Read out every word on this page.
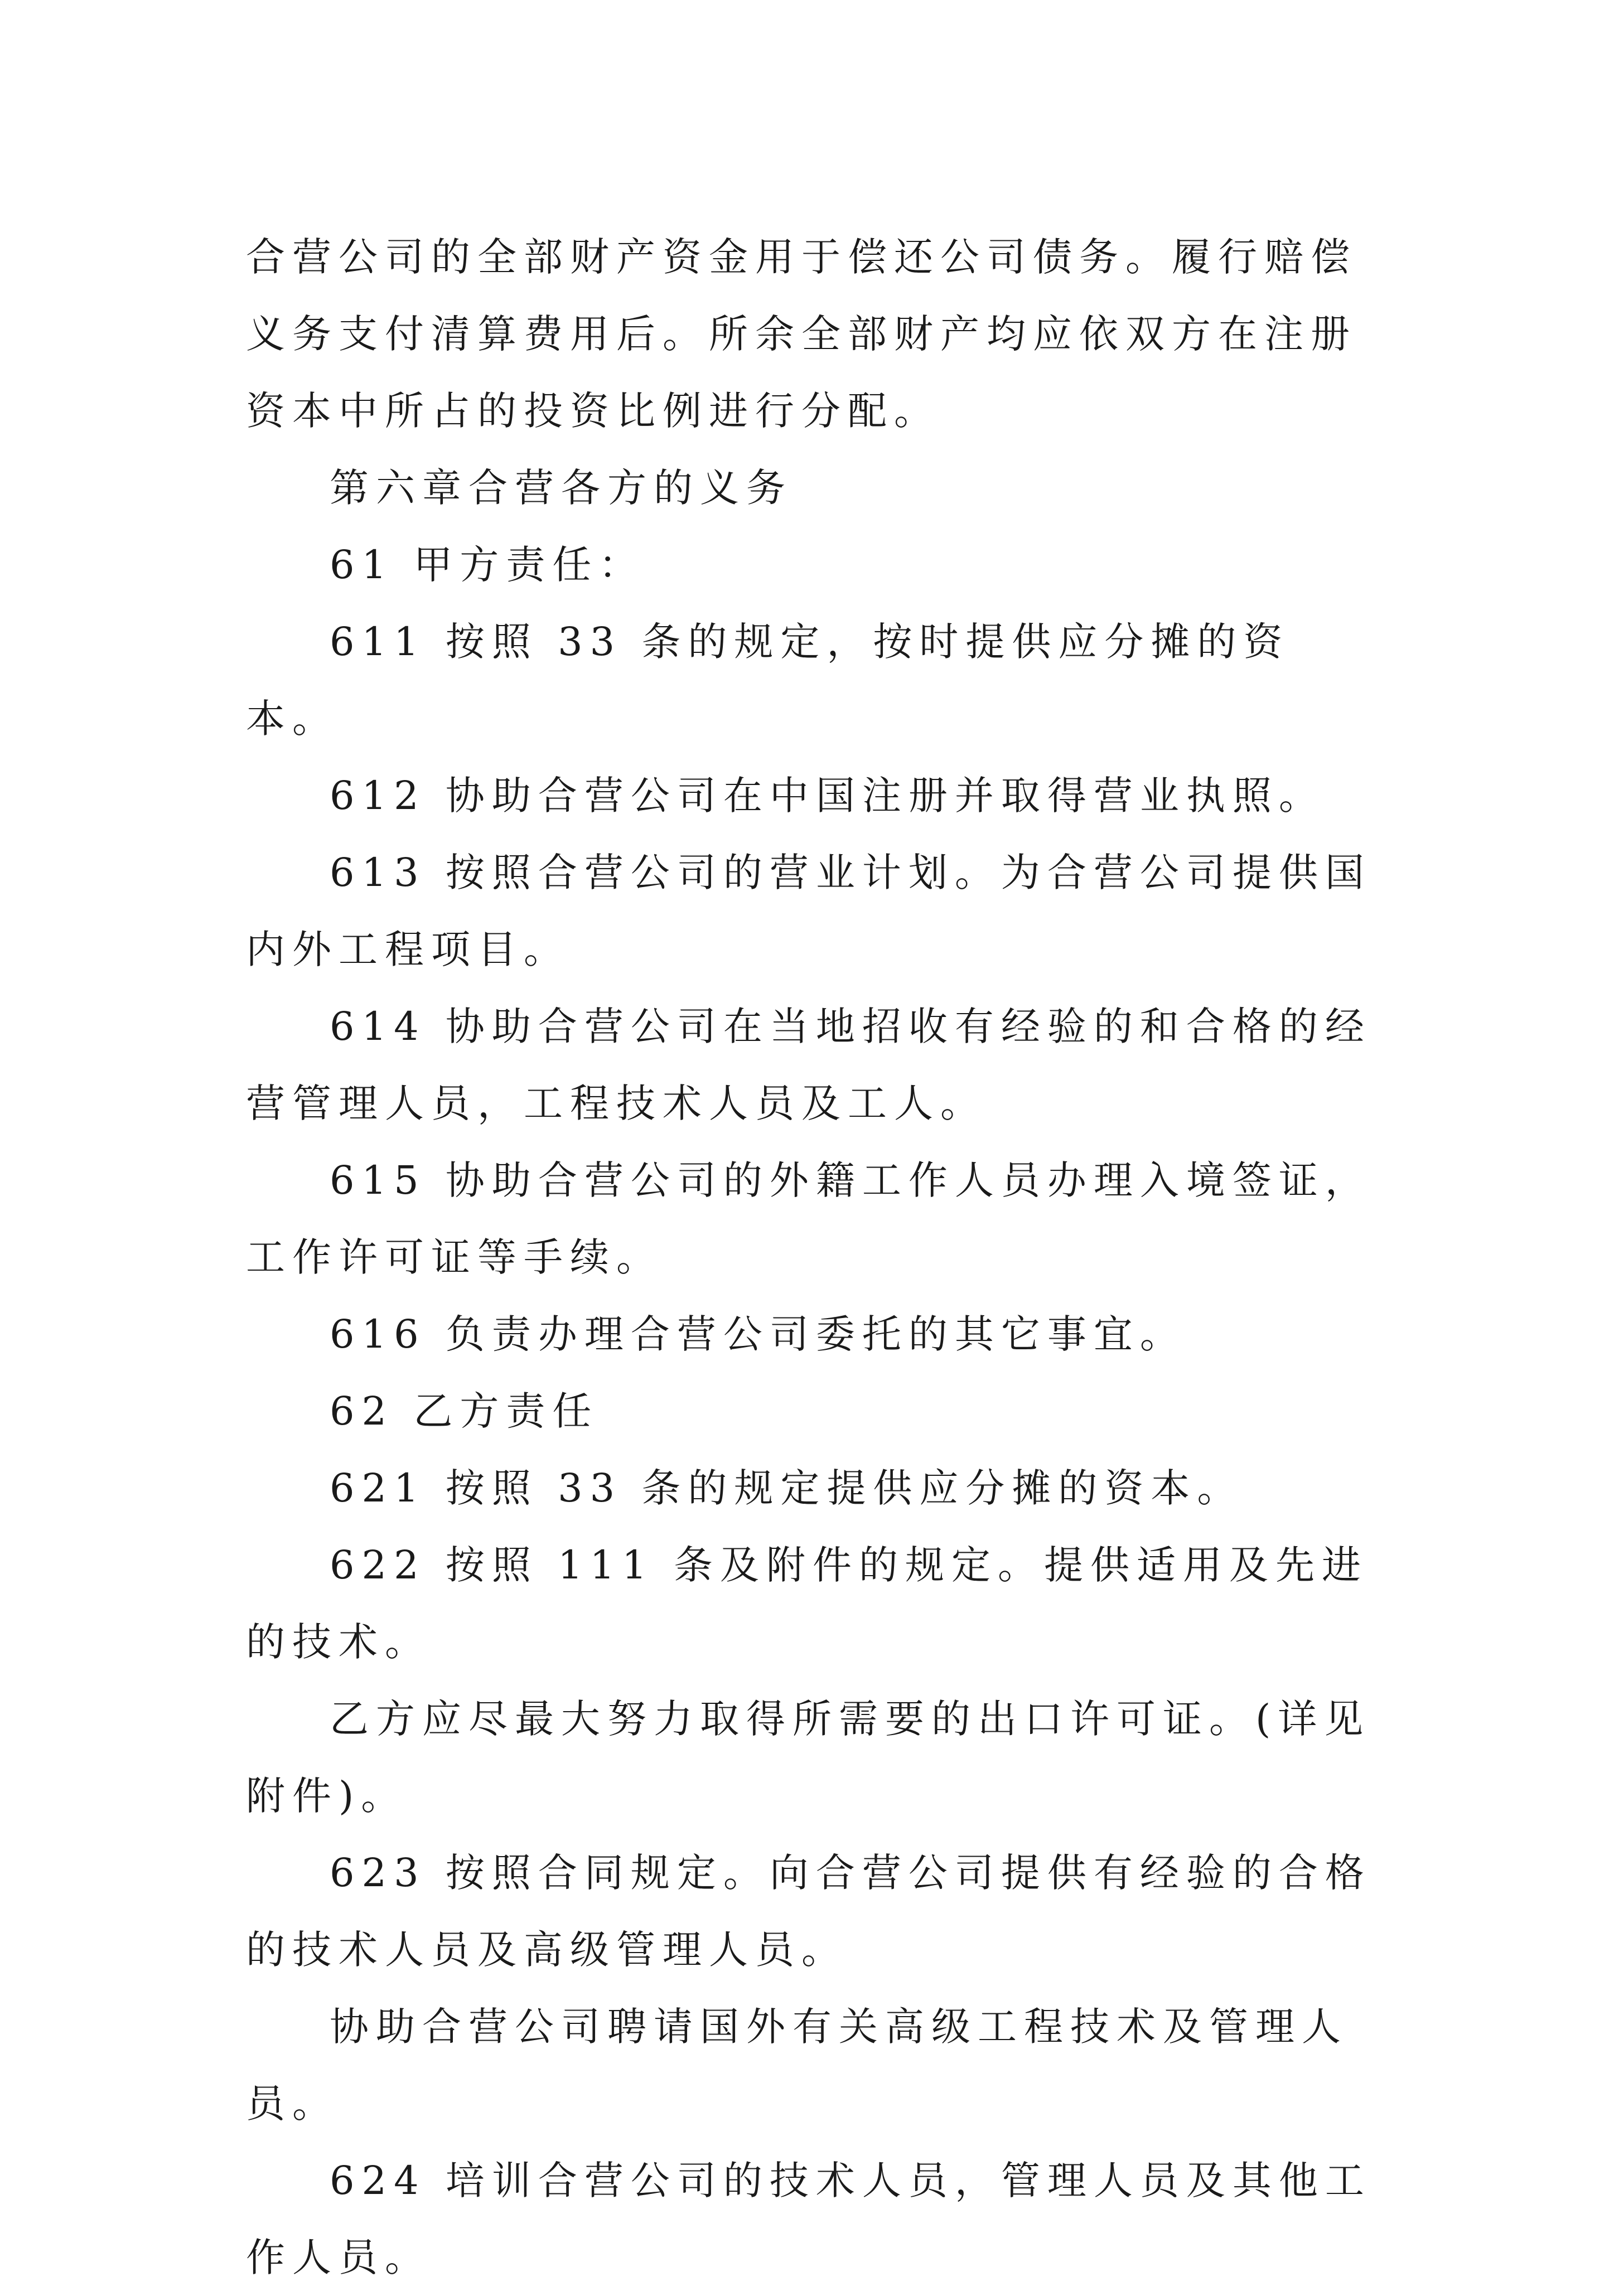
合营公司的全部财产资金用于偿还公司债务。履行赔偿义务支付清算费用后。所余全部财产均应依双方在注册资本中所占的投资比例进行分配。

第六章合营各方的义务

61 甲方责任：

611 按照 33 条的规定，按时提供应分摊的资本。

612 协助合营公司在中国注册并取得营业执照。

613 按照合营公司的营业计划。为合营公司提供国内外工程项目。

614 协助合营公司在当地招收有经验的和合格的经营管理人员，工程技术人员及工人。

615 协助合营公司的外籍工作人员办理入境签证，工作许可证等手续。

616 负责办理合营公司委托的其它事宜。

62 乙方责任

621 按照 33 条的规定提供应分摊的资本。

622 按照 111 条及附件的规定。提供适用及先进的技术。

乙方应尽最大努力取得所需要的出口许可证。(详见附件)。

623 按照合同规定。向合营公司提供有经验的合格的技术人员及高级管理人员。

协助合营公司聘请国外有关高级工程技术及管理人员。

624 培训合营公司的技术人员，管理人员及其他工作人员。
